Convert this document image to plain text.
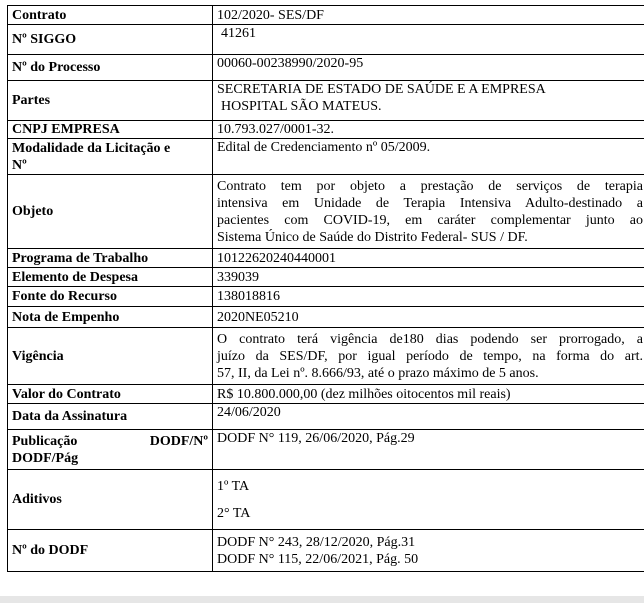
Contrato	102/2020- SES/DF
Nº SIGGO	41261
Nº do Processo	00060-00238990/2020-95
Partes	SECRETARIA DE ESTADO DE SAÚDE E A EMPRESA
HOSPITAL SÃO MATEUS.

CNPJ EMPRESA	10.793.027/0001-32.

Modalidade da Licitação e
Nº	Edital de Credenciamento nº 05/2009.
Objeto	Contrato tem por objeto a prestação de serviços de terapia
intensiva em Unidade de Terapia Intensiva Adulto-destinado a
pacientes com COVID-19, em caráter complementar junto ao
Sistema Único de Saúde do Distrito Federal- SUS / DF.

Programa de Trabalho	10122620240440001
Elemento de Despesa	339039
Fonte do Recurso	138018816
Nota de Empenho	2020NE05210
Vigência	O contrato terá vigência de180 dias podendo ser prorrogado, a
juízo da SES/DF, por igual período de tempo, na forma do art.
57, II, da Lei nº. 8.666/93, até o prazo máximo de 5 anos.

Valor do Contrato	R$ 10.800.000,00 (dez milhões oitocentos mil reais)
Data da Assinatura	24/06/2020

Publicação DODF/Nº
DODF/Pág	DODF N° 119, 26/06/2020, Pág.29
Aditivos	1º TA
2° TA

Nº do DODF	DODF N° 243, 28/12/2020, Pág.31
DODF N° 115, 22/06/2021, Pág. 50
